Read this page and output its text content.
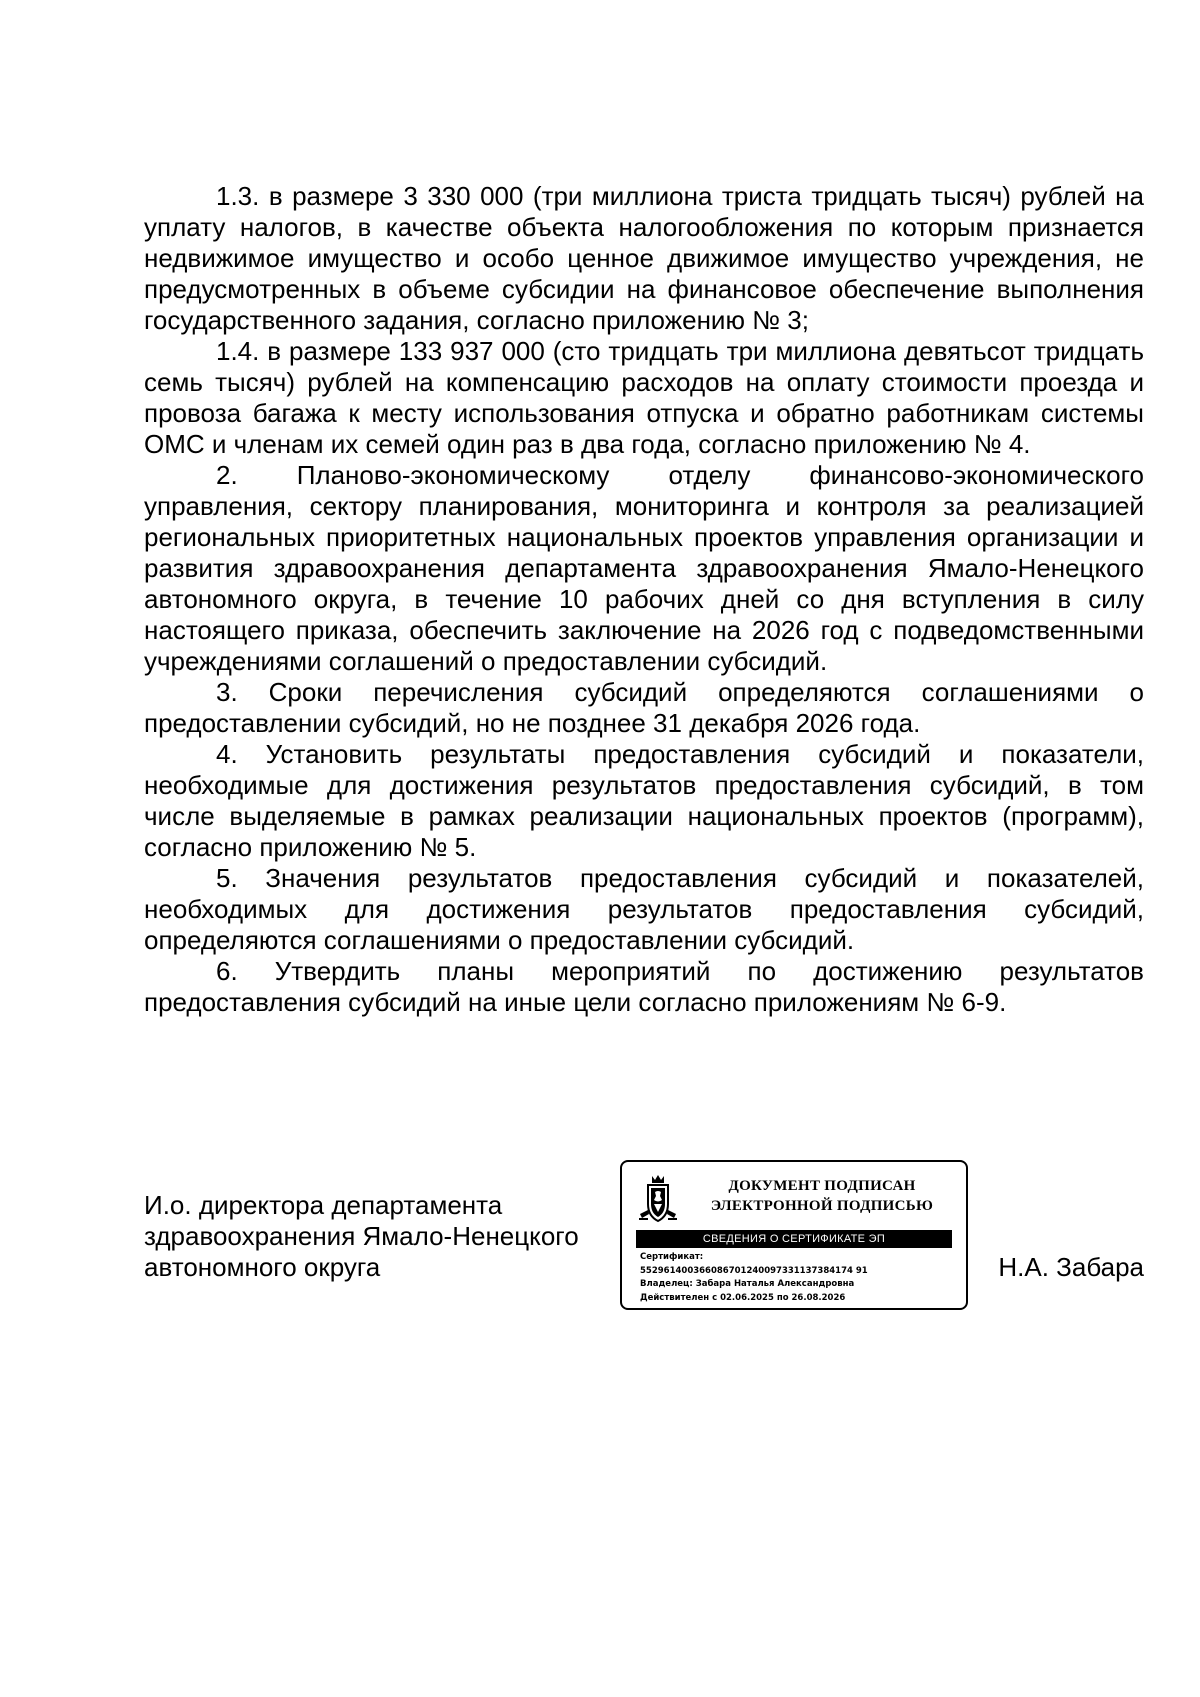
1.3. в размере 3 330 000 (три миллиона триста тридцать тысяч) рублей на уплату налогов, в качестве объекта налогообложения по которым признается недвижимое имущество и особо ценное движимое имущество учреждения, не предусмотренных в объеме субсидии на финансовое обеспечение выполнения государственного задания, согласно приложению № 3;

1.4. в размере 133 937 000 (сто тридцать три миллиона девятьсот тридцать семь тысяч) рублей на компенсацию расходов на оплату стоимости проезда и провоза багажа к месту использования отпуска и обратно работникам системы ОМС и членам их семей один раз в два года, согласно приложению № 4.

2. Планово-экономическому отделу финансово-экономического управления, сектору планирования, мониторинга и контроля за реализацией региональных приоритетных национальных проектов управления организации и развития здравоохранения департамента здравоохранения Ямало-Ненецкого автономного округа, в течение 10 рабочих дней со дня вступления в силу настоящего приказа, обеспечить заключение на 2026 год с подведомственными учреждениями соглашений о предоставлении субсидий.

3. Сроки перечисления субсидий определяются соглашениями о предоставлении субсидий, но не позднее 31 декабря 2026 года.

4. Установить результаты предоставления субсидий и показатели, необходимые для достижения результатов предоставления субсидий, в том числе выделяемые в рамках реализации национальных проектов (программ), согласно приложению № 5.

5. Значения результатов предоставления субсидий и показателей, необходимых для достижения результатов предоставления субсидий, определяются соглашениями о предоставлении субсидий.

6. Утвердить планы мероприятий по достижению результатов предоставления субсидий на иные цели согласно приложениям № 6-9.

И.о. директора департамента
здравоохранения Ямало-Ненецкого
автономного округа
ДОКУМЕНТ ПОДПИСАН
ЭЛЕКТРОННОЙ ПОДПИСЬЮ
СВЕДЕНИЯ О СЕРТИФИКАТЕ ЭП
Сертификат:
552961400366086701240097331137384174 91
Владелец: Забара Наталья Александровна
Действителен с 02.06.2025 по 26.08.2026
Н.А. Забара
